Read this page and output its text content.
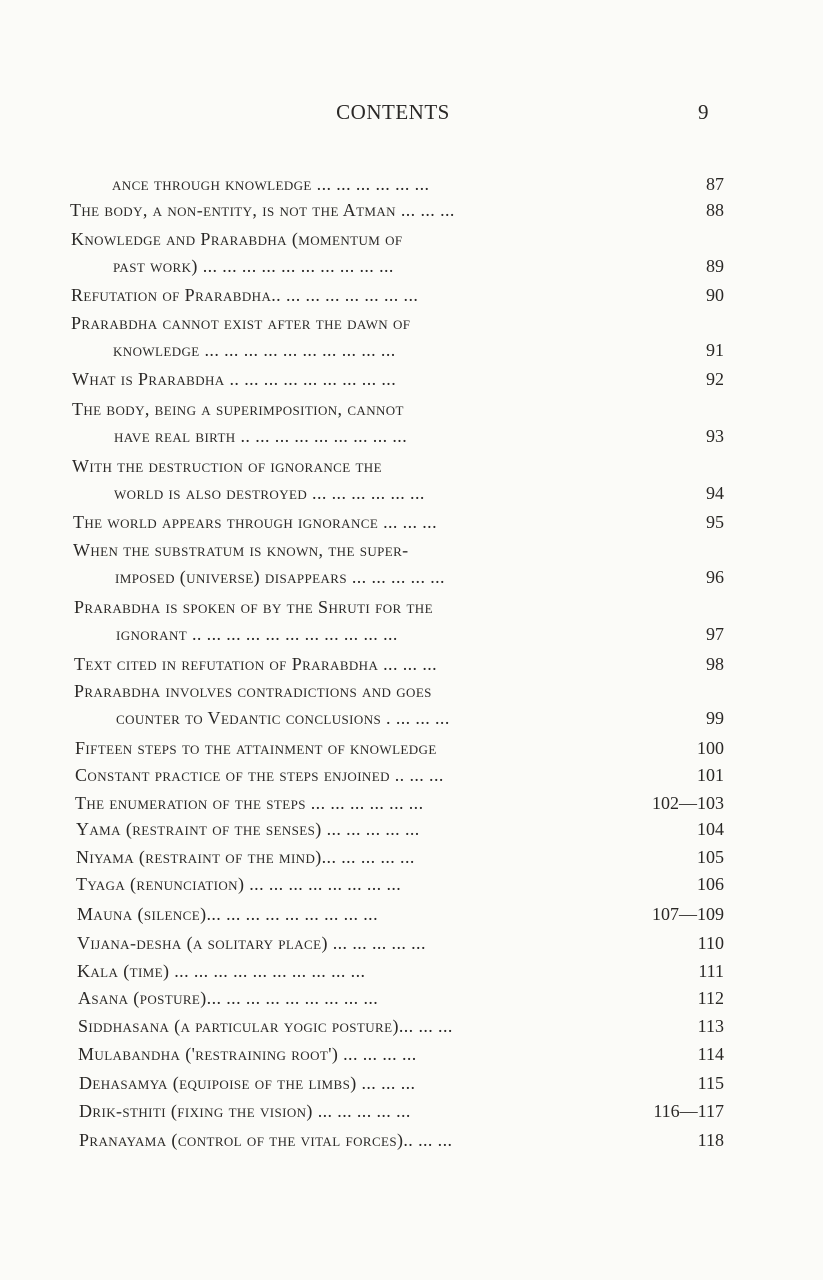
CONTENTS	9
ance through knowledge ... ... ... ... ... ...	87
The body, a non-entity, is not the Atman ... ... ...	88
Knowledge and Prarabdha (momentum of
past work) ... ... ... ... ... ... ... ... ... ...	89
Refutation of Prarabdha.. ... ... ... ... ... ... ...	90
Prarabdha cannot exist after the dawn of
knowledge ... ... ... ... ... ... ... ... ... ...	91
What is Prarabdha .. ... ... ... ... ... ... ... ...	92
The body, being a superimposition, cannot
have real birth .. ... ... ... ... ... ... ... ...	93
With the destruction of ignorance the
world is also destroyed ... ... ... ... ... ...	94
The world appears through ignorance ... ... ...	95
When the substratum is known, the super-
imposed (universe) disappears ... ... ... ... ...	96
Prarabdha is spoken of by the Shruti for the
ignorant .. ... ... ... ... ... ... ... ... ... ...	97
Text cited in refutation of Prarabdha ... ... ...	98
Prarabdha involves contradictions and goes
counter to Vedantic conclusions . ... ... ...	99
Fifteen steps to the attainment of knowledge	100
Constant practice of the steps enjoined .. ... ...	101
The enumeration of the steps ... ... ... ... ... ...	102—103
Yama (restraint of the senses) ... ... ... ... ...	104
Niyama (restraint of the mind)... ... ... ... ...	105
Tyaga (renunciation) ... ... ... ... ... ... ... ...	106
Mauna (silence)... ... ... ... ... ... ... ... ...	107—109
Vijana-desha (a solitary place) ... ... ... ... ...	110
Kala (time) ... ... ... ... ... ... ... ... ... ...	111
Asana (posture)... ... ... ... ... ... ... ... ...	112
Siddhasana (a particular yogic posture)... ... ...	113
Mulabandha ('restraining root') ... ... ... ...	114
Dehasamya (equipoise of the limbs) ... ... ...	115
Drik-sthiti (fixing the vision) ... ... ... ... ...	116—117
Pranayama (control of the vital forces).. ... ...	118
